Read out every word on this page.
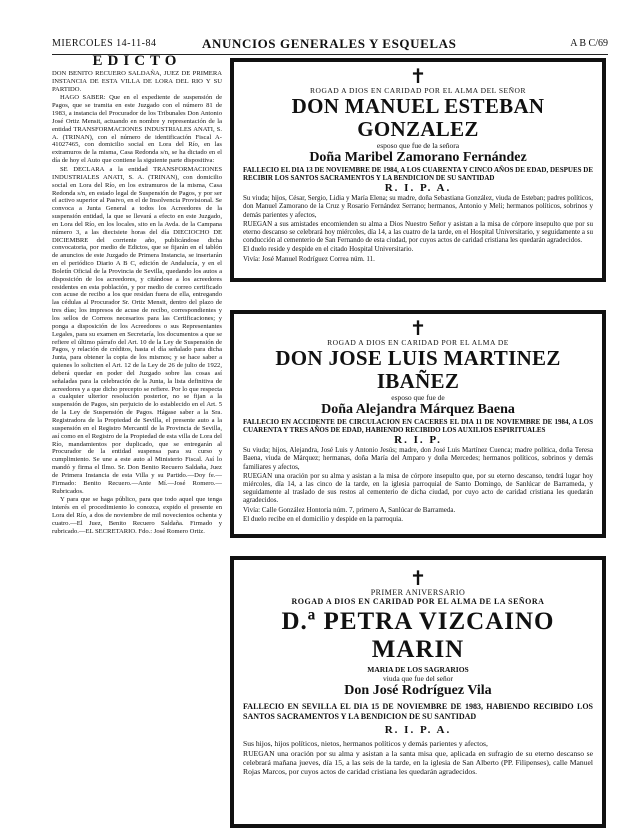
MIERCOLES 14-11-84	ANUNCIOS GENERALES Y ESQUELAS	A B C/69
EDICTO

DON BENITO RECUERO SALDAÑA, JUEZ DE PRIMERA INSTANCIA DE ESTA VILLA DE LORA DEL RIO Y SU PARTIDO.

HAGO SABER: Que en el expediente de suspensión de Pagos, que se tramita en este Juzgado con el número 81 de 1983, a instancia del Procurador de los Tribunales Don Antonio José Ortiz Mensit, actuando en nombre y representación de la entidad TRANSFORMACIONES INDUSTRIALES ANATI, S. A. (TRINAN), con el número de identificación Fiscal A-41027465, con domicilio social en Lora del Río, en las extramuros de la misma, Casa Redonda s/n, se ha dictado en el día de hoy el Auto que contiene la siguiente parte dispositiva:

SE DECLARA a la entidad TRANSFORMACIONES INDUSTRIALES ANATI, S. A. (TRINAN), con domicilio social en Lora del Río, en los extramuros de la misma, Casa Redonda s/n, en estado legal de Suspensión de Pagos, y por ser el activo superior al Pasivo, en el de Insolvencia Provisional. Se convoca a Junta General a todos los Acreedores de la suspensión entidad, la que se llevará a efecto en este Juzgado, en Lora del Río, en los locales, sito en la Avda. de la Campana número 3, a las diecisiete horas del día DIECIOCHO DE DICIEMBRE del corriente año, publicándose dicha convocatoria, por medio de Edictos, que se fijarán en el tablón de anuncios de este Juzgado de Primera Instancia, se insertarán en el periódico Diario A B C, edición de Andalucía, y en el Boletín Oficial de la Provincia de Sevilla, quedando los autos a disposición de los acreedores, y citándose a los acreedores residentes en esta población, y por medio de correo certificado con acuse de recibo a los que residan fuera de ella, entregando las cédulas al Procurador Sr. Ortiz Mensit, dentro del plazo de tres días; los impresos de acuse de recibo, correspondientes y los sellos de Correos necesarios para las Certificaciones; y ponga a disposición de los Acreedores o sus Representantes Legales, para su examen en Secretaría, los documentos a que se refiere el último párrafo del Art. 10 de la Ley de Suspensión de Pagos, y relación de créditos, hasta el día señalado para dicha Junta, para obtener la copia de los mismos; y se hace saber a quienes lo soliciten el Art. 12 de la Ley de 26 de julio de 1922, deberá quedar en poder del Juzgado sobre las cosas así señaladas para la celebración de la Junta, la lista definitiva de acreedores y a que dicho precepto se refiere. Por lo que respecta a cualquier ulterior resolución posterior, no se fijan a la suspensión de Pagos, sin perjuicio de lo establecido en el Art. 5 de la Ley de Suspensión de Pagos. Hágase saber a la Sra. Registradora de la Propiedad de Sevilla, el presente auto a la suspensión en el Registro Mercantil de la Provincia de Sevilla, así como en el Registro de la Propiedad de esta villa de Lora del Río, mandamientos por duplicado, que se entregarán al Procurador de la entidad suspensa para su curso y cumplimiento. Se une a este auto al Ministerio Fiscal. Así lo mandó y firma el Ilmo. Sr. Don Benito Recuero Saldaña, Juez de Primera Instancia de esta Villa y su Partido.—Doy fe.—Firmado: Benito Recuero.—Ante Mí.—José Romero.—Rubricados.

Y para que se haga público, para que todo aquel que tenga interés en el procedimiento lo conozca, expido el presente en Lora del Río, a dos de noviembre de mil novecientos ochenta y cuatro.—El Juez, Benito Recuero Saldaña. Firmado y rubricado.—EL SECRETARIO. Fdo.: José Romero Ortiz.

✝
ROGAD A DIOS EN CARIDAD POR EL ALMA DEL SEÑOR
DON MANUEL ESTEBAN GONZALEZ
esposo que fue de la señora
Doña Maribel Zamorano Fernández
FALLECIO EL DIA 13 DE NOVIEMBRE DE 1984, A LOS CUARENTA Y CINCO AÑOS DE EDAD, DESPUES DE RECIBIR LOS SANTOS SACRAMENTOS Y LA BENDICION DE SU SANTIDAD
R. I. P. A.

Su viuda; hijos, César, Sergio, Lidia y María Elena; su madre, doña Sebastiana González, viuda de Esteban; padres políticos, don Manuel Zamorano de la Cruz y Rosario Fernández Serrano; hermanos, Antonio y Meli; hermanos políticos, sobrinos y demás parientes y afectos,

RUEGAN a sus amistades encomienden su alma a Dios Nuestro Señor y asistan a la misa de córpore insepulto que por su eterno descanso se celebrará hoy miércoles, día 14, a las cuatro de la tarde, en el Hospital Universitario, y seguidamente a su conducción al cementerio de San Fernando de esta ciudad, por cuyos actos de caridad cristiana les quedarán agradecidos.

El duelo reside y despide en el citado Hospital Universitario.

Vivía: José Manuel Rodríguez Correa núm. 11.

✝
ROGAD A DIOS EN CARIDAD POR EL ALMA DE
DON JOSE LUIS MARTINEZ IBAÑEZ
esposo que fue de
Doña Alejandra Márquez Baena
FALLECIO EN ACCIDENTE DE CIRCULACION EN CACERES EL DIA 11 DE NOVIEMBRE DE 1984, A LOS CUARENTA Y TRES AÑOS DE EDAD, HABIENDO RECIBIDO LOS AUXILIOS ESPIRITUALES
R. I. P.

Su viuda; hijos, Alejandra, José Luis y Antonio Jesús; madre, don José Luis Martínez Cuenca; madre política, doña Teresa Baena, viuda de Márquez; hermanas, doña María del Amparo y doña Mercedes; hermanos políticos, sobrinos y demás familiares y afectos,

RUEGAN una oración por su alma y asistan a la misa de córpore insepulto que, por su eterno descanso, tendrá lugar hoy miércoles, día 14, a las cinco de la tarde, en la iglesia parroquial de Santo Domingo, de Sanlúcar de Barrameda, y seguidamente al traslado de sus restos al cementerio de dicha ciudad, por cuyo acto de caridad cristiana les quedarán agradecidos.

Vivía: Calle González Hontoria núm. 7, primero A, Sanlúcar de Barrameda.

El duelo recibe en el domicilio y despide en la parroquia.

✝
PRIMER ANIVERSARIO
ROGAD A DIOS EN CARIDAD POR EL ALMA DE LA SEÑORA
D.ª PETRA VIZCAINO MARIN
MARIA DE LOS SAGRARIOS
viuda que fue del señor
Don José Rodríguez Vila
FALLECIO EN SEVILLA EL DIA 15 DE NOVIEMBRE DE 1983, HABIENDO RECIBIDO LOS SANTOS SACRAMENTOS Y LA BENDICION DE SU SANTIDAD
R. I. P. A.

Sus hijos, hijos políticos, nietos, hermanos políticos y demás parientes y afectos,

RUEGAN una oración por su alma y asistan a la santa misa que, aplicada en sufragio de su eterno descanso se celebrará mañana jueves, día 15, a las seis de la tarde, en la iglesia de San Alberto (PP. Filipenses), calle Manuel Rojas Marcos, por cuyos actos de caridad cristiana les quedarán agradecidos.
